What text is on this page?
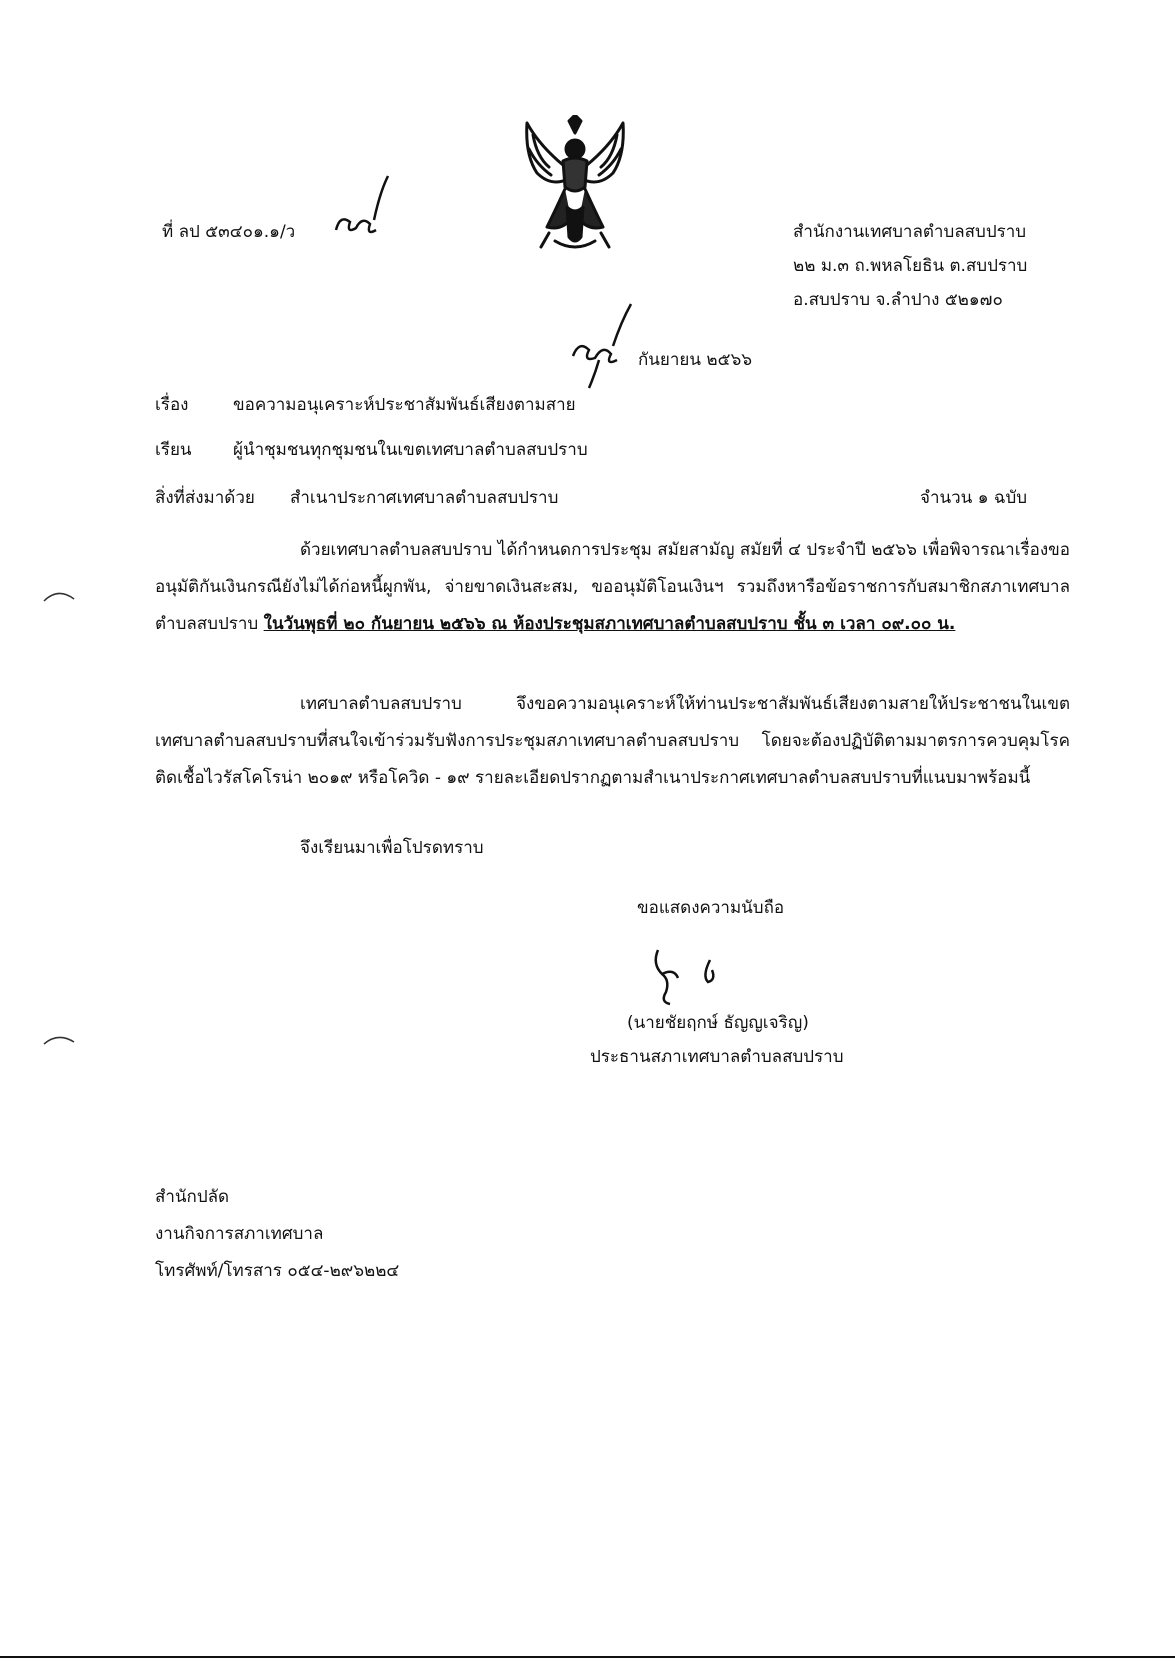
ที่ ลป ๕๓๔๐๑.๑/ว	สำนักงานเทศบาลตำบลสบปราบ
๒๒ ม.๓ ถ.พหลโยธิน ต.สบปราบ
อ.สบปราบ จ.ลำปาง ๕๒๑๗๐
กันยายน ๒๕๖๖
เรื่อง	ขอความอนุเคราะห์ประชาสัมพันธ์เสียงตามสาย
เรียน ผู้นำชุมชนทุกชุมชนในเขตเทศบาลตำบลสบปราบ
สิ่งที่ส่งมาด้วย สำเนาประกาศเทศบาลตำบลสบปราบ	จำนวน ๑ ฉบับ
ด้วยเทศบาลตำบลสบปราบ ได้กำหนดการประชุม สมัยสามัญ สมัยที่ ๔ ประจำปี ๒๕๖๖ เพื่อพิจารณาเรื่องขออนุมัติกันเงินกรณียังไม่ได้ก่อหนี้ผูกพัน, จ่ายขาดเงินสะสม, ขออนุมัติโอนเงินฯ รวมถึงหารือข้อราชการกับสมาชิกสภาเทศบาลตำบลสบปราบ ในวันพุธที่ ๒๐ กันยายน ๒๕๖๖ ณ ห้องประชุมสภาเทศบาลตำบลสบปราบ ชั้น ๓ เวลา ๐๙.๐๐ น.
เทศบาลตำบลสบปราบ จึงขอความอนุเคราะห์ให้ท่านประชาสัมพันธ์เสียงตามสายให้ประชาชนในเขตเทศบาลตำบลสบปราบที่สนใจเข้าร่วมรับฟังการประชุมสภาเทศบาลตำบลสบปราบ โดยจะต้องปฏิบัติตามมาตรการควบคุมโรคติดเชื้อไวรัสโคโรน่า ๒๐๑๙ หรือโควิด - ๑๙ รายละเอียดปรากฏตามสำเนาประกาศเทศบาลตำบลสบปราบที่แนบมาพร้อมนี้
จึงเรียนมาเพื่อโปรดทราบ
ขอแสดงความนับถือ
(นายชัยฤกษ์ ธัญญเจริญ)
ประธานสภาเทศบาลตำบลสบปราบ
สำนักปลัด
งานกิจการสภาเทศบาล
โทรศัพท์/โทรสาร ๐๕๔-๒๙๖๒๒๔
